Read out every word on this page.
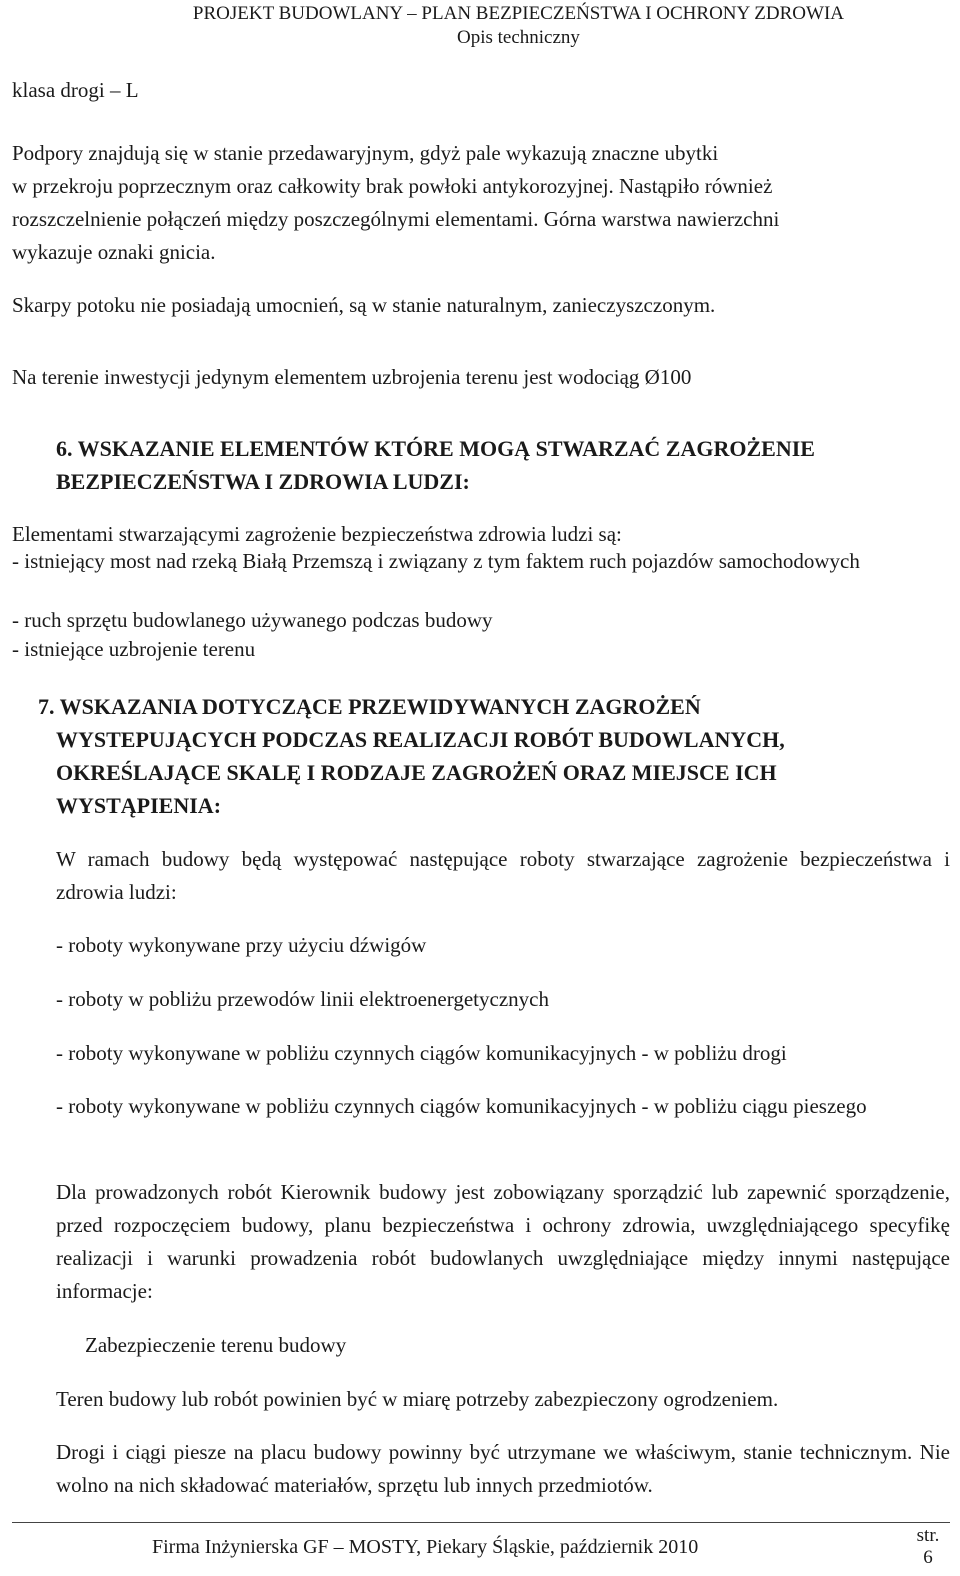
PROJEKT BUDOWLANY – PLAN BEZPIECZEŃSTWA I OCHRONY ZDROWIA
Opis techniczny
klasa drogi – L
Podpory znajdują się w stanie przedawaryjnym, gdyż pale wykazują znaczne ubytki
w przekroju poprzecznym oraz całkowity brak powłoki antykorozyjnej. Nastąpiło również
rozszczelnienie połączeń między poszczególnymi elementami. Górna warstwa nawierzchni
wykazuje oznaki gnicia.
Skarpy potoku nie posiadają umocnień, są w stanie naturalnym, zanieczyszczonym.
Na terenie inwestycji jedynym elementem uzbrojenia terenu jest wodociąg Ø100
6. WSKAZANIE ELEMENTÓW KTÓRE MOGĄ STWARZAĆ ZAGROŻENIE
BEZPIECZEŃSTWA I ZDROWIA LUDZI:
Elementami stwarzającymi zagrożenie bezpieczeństwa zdrowia ludzi są:
- istniejący most nad rzeką Białą Przemszą i związany z tym faktem ruch pojazdów samochodowych
- ruch sprzętu budowlanego używanego podczas budowy
- istniejące uzbrojenie terenu
7. WSKAZANIA DOTYCZĄCE PRZEWIDYWANYCH ZAGROŻEŃ
WYSTEPUJĄCYCH PODCZAS REALIZACJI ROBÓT BUDOWLANYCH,
OKREŚLAJĄCE SKALĘ I RODZAJE ZAGROŻEŃ ORAZ MIEJSCE ICH
WYSTĄPIENIA:
W ramach budowy będą występować następujące roboty stwarzające zagrożenie bezpieczeństwa i zdrowia ludzi:
- roboty wykonywane przy użyciu dźwigów
- roboty w pobliżu przewodów linii elektroenergetycznych
- roboty wykonywane w pobliżu czynnych ciągów komunikacyjnych - w pobliżu drogi
- roboty wykonywane w pobliżu czynnych ciągów komunikacyjnych - w pobliżu ciągu pieszego
Dla prowadzonych robót Kierownik budowy jest zobowiązany sporządzić lub zapewnić sporządzenie, przed rozpoczęciem budowy, planu bezpieczeństwa i ochrony zdrowia, uwzględniającego specyfikę realizacji i warunki prowadzenia robót budowlanych uwzględniające między innymi następujące informacje:
Zabezpieczenie terenu budowy
Teren budowy lub robót powinien być w miarę potrzeby zabezpieczony ogrodzeniem.
Drogi i ciągi piesze na placu budowy powinny być utrzymane we właściwym, stanie technicznym. Nie wolno na nich składować materiałów, sprzętu lub innych przedmiotów.
Firma Inżynierska GF – MOSTY, Piekary Śląskie, październik 2010
str.
6
